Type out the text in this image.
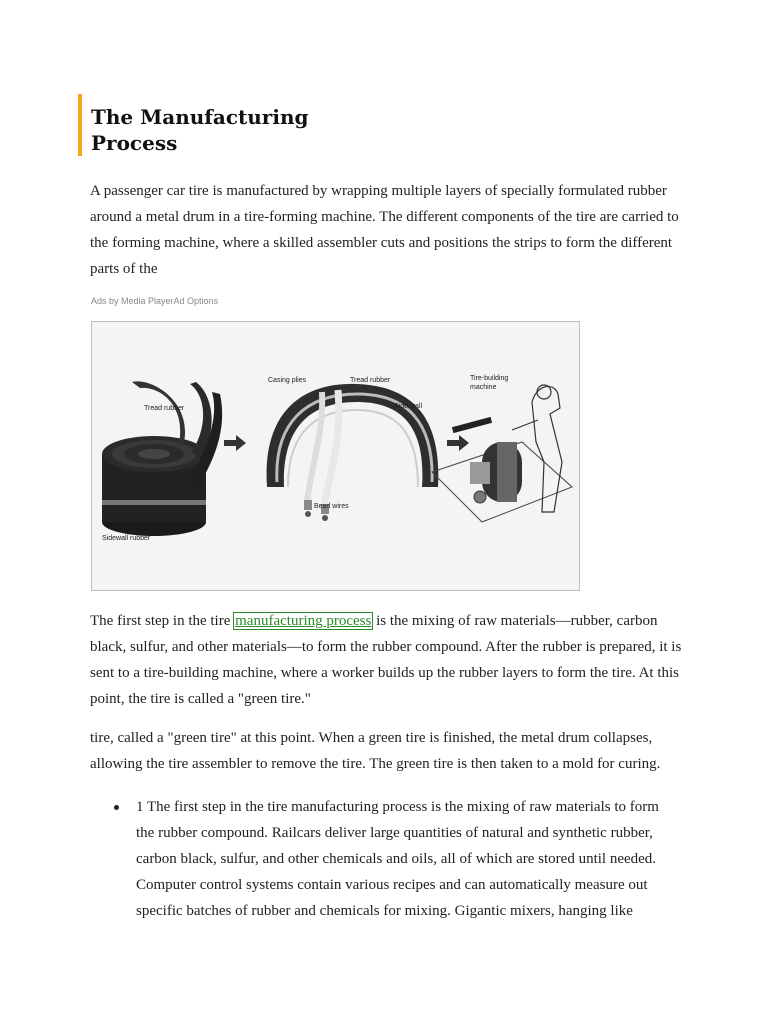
The Manufacturing
Process

A passenger car tire is manufactured by wrapping multiple layers of specially formulated rubber around a metal drum in a tire-forming machine. The different components of the tire are carried to the forming machine, where a skilled assembler cuts and positions the strips to form the different parts of the

Ads by Media PlayerAd Options

Tread rubber
Sidewall rubber
Casing plies	Tread rubber
Side wall
Bead wires
Tire-building
machine

The first step in the tire manufacturing process is the mixing of raw materials—rubber, carbon black, sulfur, and other materials—to form the rubber compound. After the rubber is prepared, it is sent to a tire-building machine, where a worker builds up the rubber layers to form the tire. At this point, the tire is called a "green tire."

tire, called a "green tire" at this point. When a green tire is finished, the metal drum collapses, allowing the tire assembler to remove the tire. The green tire is then taken to a mold for curing.

1 The first step in the tire manufacturing process is the mixing of raw materials to form the rubber compound. Railcars deliver large quantities of natural and synthetic rubber, carbon black, sulfur, and other chemicals and oils, all of which are stored until needed. Computer control systems contain various recipes and can automatically measure out specific batches of rubber and chemicals for mixing. Gigantic mixers, hanging like
